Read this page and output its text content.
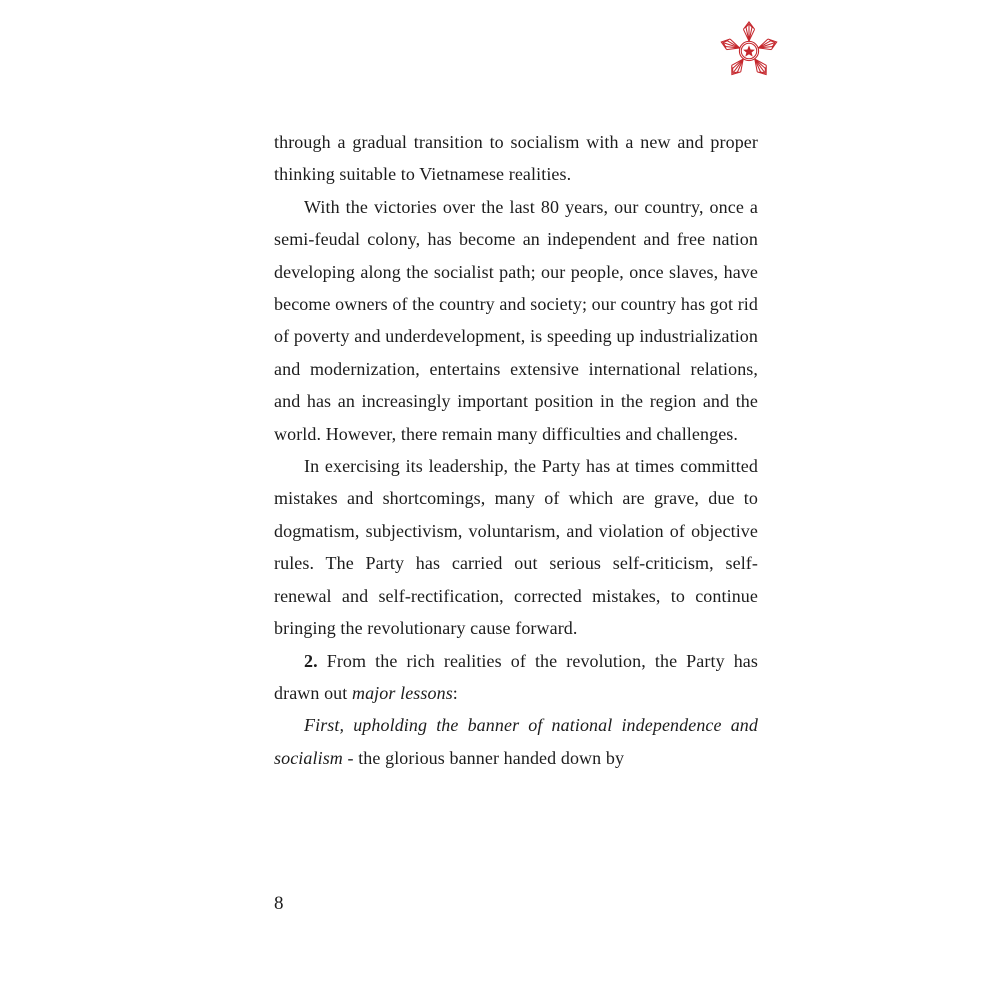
through a gradual transition to socialism with a new and proper thinking suitable to Vietnamese realities.

With the victories over the last 80 years, our country, once a semi-feudal colony, has become an independent and free nation developing along the socialist path; our people, once slaves, have become owners of the country and society; our country has got rid of poverty and underdevelopment, is speeding up industrialization and modernization, entertains extensive international relations, and has an increasingly important position in the region and the world. However, there remain many difficulties and challenges.

In exercising its leadership, the Party has at times committed mistakes and shortcomings, many of which are grave, due to dogmatism, subjectivism, voluntarism, and violation of objective rules. The Party has carried out serious self-criticism, self-renewal and self-rectification, corrected mistakes, to continue bringing the revolutionary cause forward.

2. From the rich realities of the revolution, the Party has drawn out major lessons:

First, upholding the banner of national independence and socialism - the glorious banner handed down by

8
